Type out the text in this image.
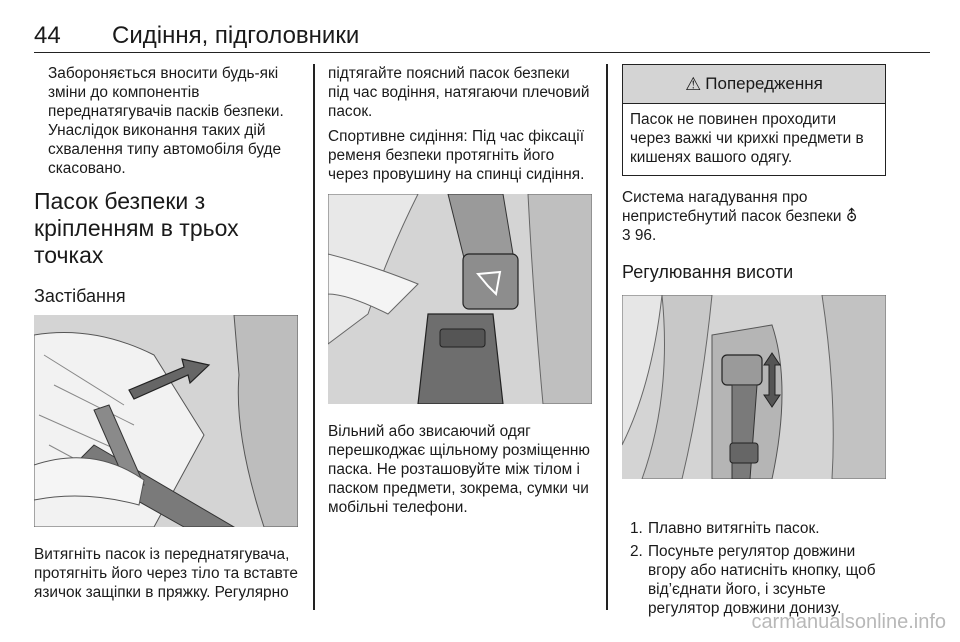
44 Сидіння, підголовники

Забороняється вносити будь-які зміни до компонентів переднатягувачів пасків безпеки. Унаслідок виконання таких дій схвалення типу автомобіля буде скасовано.

Пасок безпеки з кріпленням в трьох точках
Застібання

Витягніть пасок із переднатягувача, протягніть його через тіло та вставте язичок защіпки в пряжку. Регулярно

підтягайте поясний пасок безпеки під час водіння, натягаючи плечовий пасок.

Спортивне сидіння: Під час фіксації ременя безпеки протягніть його через провушину на спинці сидіння.

Вільний або звисаючий одяг перешкоджає щільному розміщенню паска. Не розташовуйте між тілом і паском предмети, зокрема, сумки чи мобільні телефони.

⚠ Попередження
Пасок не повинен проходити через важкі чи крихкі предмети в кишенях вашого одягу.

Система нагадування про непристебнутий пасок безпеки ⛢
3 96.

Регулювання висоти
1. Плавно витягніть пасок.
2. Посуньте регулятор довжини вгору або натисніть кнопку, щоб від’єднати його, і зсуньте регулятор довжини донизу.
carmanualsonline.info
